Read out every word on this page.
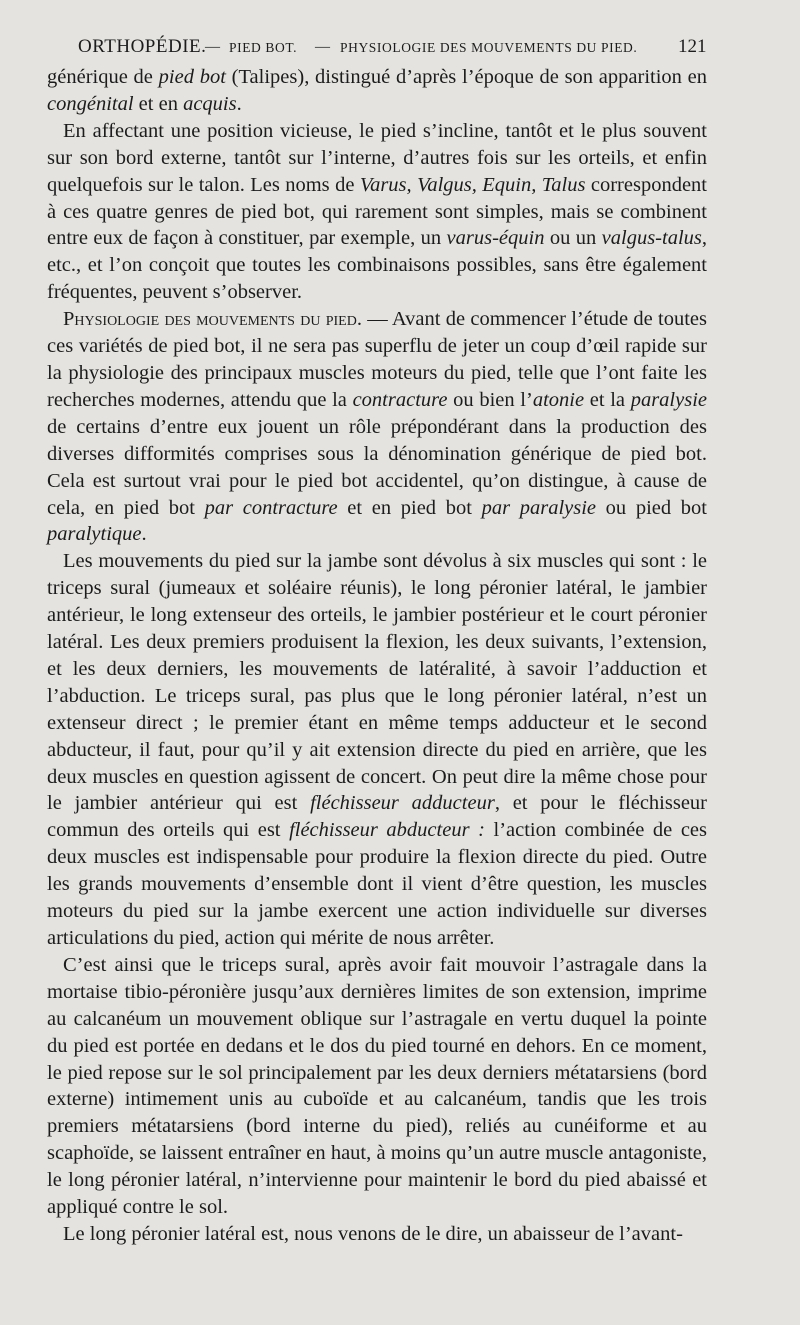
ORTHOPÉDIE.
— PIED BOT. — PHYSIOLOGIE DES MOUVEMENTS DU PIED. 121

générique de pied bot (Talipes), distingué d’après l’époque de son apparition en congénital et en acquis.

En affectant une position vicieuse, le pied s’incline, tantôt et le plus souvent sur son bord externe, tantôt sur l’interne, d’autres fois sur les orteils, et enfin quelquefois sur le talon. Les noms de Varus, Valgus, Equin, Talus correspondent à ces quatre genres de pied bot, qui rarement sont simples, mais se combinent entre eux de façon à constituer, par exemple, un varus-équin ou un valgus-talus, etc., et l’on conçoit que toutes les combinaisons possibles, sans être également fréquentes, peuvent s’observer.

Physiologie des mouvements du pied. — Avant de commencer l’étude de toutes ces variétés de pied bot, il ne sera pas superflu de jeter un coup d’œil rapide sur la physiologie des principaux muscles moteurs du pied, telle que l’ont faite les recherches modernes, attendu que la contracture ou bien l’atonie et la paralysie de certains d’entre eux jouent un rôle prépondérant dans la production des diverses difformités comprises sous la dénomination générique de pied bot. Cela est surtout vrai pour le pied bot accidentel, qu’on distingue, à cause de cela, en pied bot par contracture et en pied bot par paralysie ou pied bot paralytique.

Les mouvements du pied sur la jambe sont dévolus à six muscles qui sont : le triceps sural (jumeaux et soléaire réunis), le long péronier latéral, le jambier antérieur, le long extenseur des orteils, le jambier postérieur et le court péronier latéral. Les deux premiers produisent la flexion, les deux suivants, l’extension, et les deux derniers, les mouvements de latéralité, à savoir l’adduction et l’abduction. Le triceps sural, pas plus que le long péronier latéral, n’est un extenseur direct ; le premier étant en même temps adducteur et le second abducteur, il faut, pour qu’il y ait extension directe du pied en arrière, que les deux muscles en question agissent de concert. On peut dire la même chose pour le jambier antérieur qui est fléchisseur adducteur, et pour le fléchisseur commun des orteils qui est fléchisseur abducteur : l’action combinée de ces deux muscles est indispensable pour produire la flexion directe du pied. Outre les grands mouvements d’ensemble dont il vient d’être question, les muscles moteurs du pied sur la jambe exercent une action individuelle sur diverses articulations du pied, action qui mérite de nous arrêter.

C’est ainsi que le triceps sural, après avoir fait mouvoir l’astragale dans la mortaise tibio-péronière jusqu’aux dernières limites de son extension, imprime au calcanéum un mouvement oblique sur l’astragale en vertu duquel la pointe du pied est portée en dedans et le dos du pied tourné en dehors. En ce moment, le pied repose sur le sol principalement par les deux derniers métatarsiens (bord externe) intimement unis au cuboïde et au calcanéum, tandis que les trois premiers métatarsiens (bord interne du pied), reliés au cunéiforme et au scaphoïde, se laissent entraîner en haut, à moins qu’un autre muscle antagoniste, le long péronier latéral, n’intervienne pour maintenir le bord du pied abaissé et appliqué contre le sol.

Le long péronier latéral est, nous venons de le dire, un abaisseur de l’avant-
